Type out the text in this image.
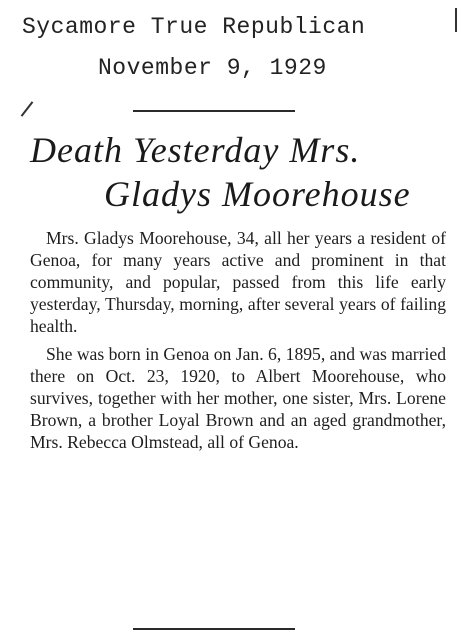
Sycamore True Republican
November 9, 1929
Death Yesterday Mrs.
Gladys Moorehouse

Mrs. Gladys Moorehouse, 34, all her years a resident of Genoa, for many years active and prominent in that community, and popular, passed from this life early yesterday, Thursday, morning, after several years of failing health.

She was born in Genoa on Jan. 6, 1895, and was married there on Oct. 23, 1920, to Albert Moorehouse, who survives, together with her mother, one sister, Mrs. Lorene Brown, a brother Loyal Brown and an aged grandmother, Mrs. Rebecca Olmstead, all of Genoa.
